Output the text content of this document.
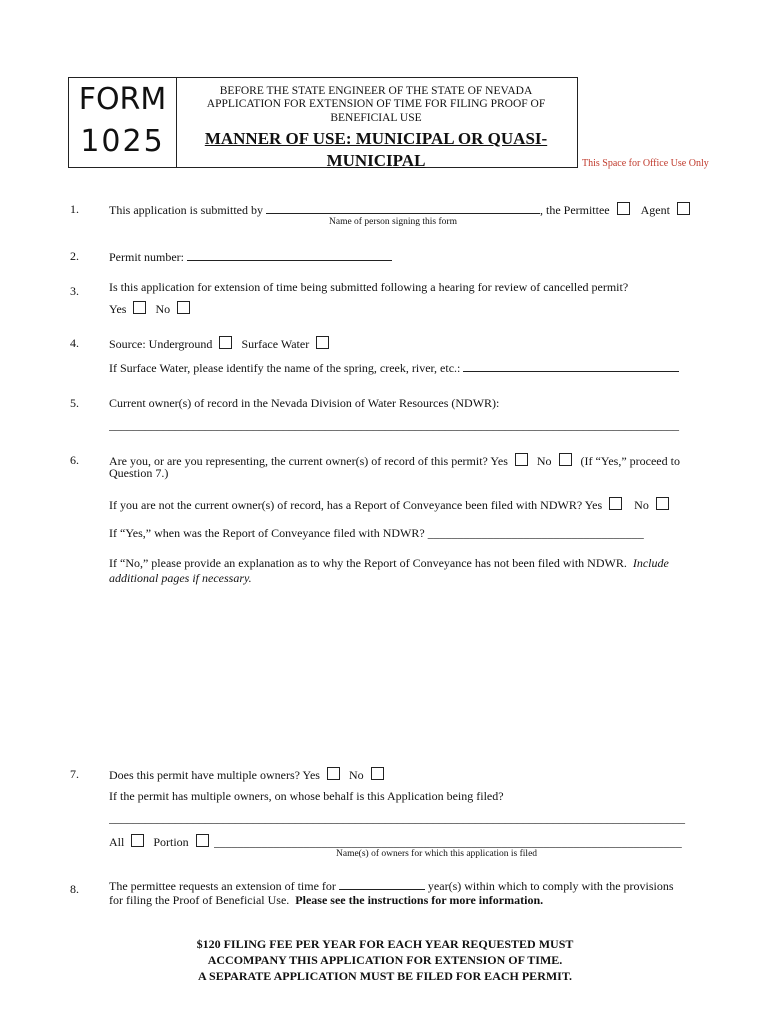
FORM
1025
BEFORE THE STATE ENGINEER OF THE STATE OF NEVADA
APPLICATION FOR EXTENSION OF TIME FOR FILING PROOF OF
BENEFICIAL USE
MANNER OF USE: MUNICIPAL OR QUASI-
MUNICIPAL	This Space for Office Use Only
1.	This application is submitted by	, the Permittee	Agent
Name of person signing this form
2.	Permit number:
3.	Is this application for extension of time being submitted following a hearing for review of cancelled permit?
Yes No
4.	Source: Underground Surface Water
If Surface Water, please identify the name of the spring, creek, river, etc.:
5.	Current owner(s) of record in the Nevada Division of Water Resources (NDWR):
_______________________________________________________________________________________________
6.	Are you, or are you representing, the current owner(s) of record of this permit? Yes No (If “Yes,” proceed to
Question 7.)
If you are not the current owner(s) of record, has a Report of Conveyance been filed with NDWR? Yes	No
If “Yes,” when was the Report of Conveyance filed with NDWR? ____________________________________
If “No,” please provide an explanation as to why the Report of Conveyance has not been filed with NDWR. Include
additional pages if necessary.
7.	Does this permit have multiple owners? Yes No
If the permit has multiple owners, on whose behalf is this Application being filed?
________________________________________________________________________________________________
All Portion ______________________________________________________________________________
Name(s) of owners for which this application is filed
8.	The permittee requests an extension of time for	year(s) within which to comply with the provisions
for filing the Proof of Beneficial Use. Please see the instructions for more information.
$120 FILING FEE PER YEAR FOR EACH YEAR REQUESTED MUST
ACCOMPANY THIS APPLICATION FOR EXTENSION OF TIME.
A SEPARATE APPLICATION MUST BE FILED FOR EACH PERMIT.
